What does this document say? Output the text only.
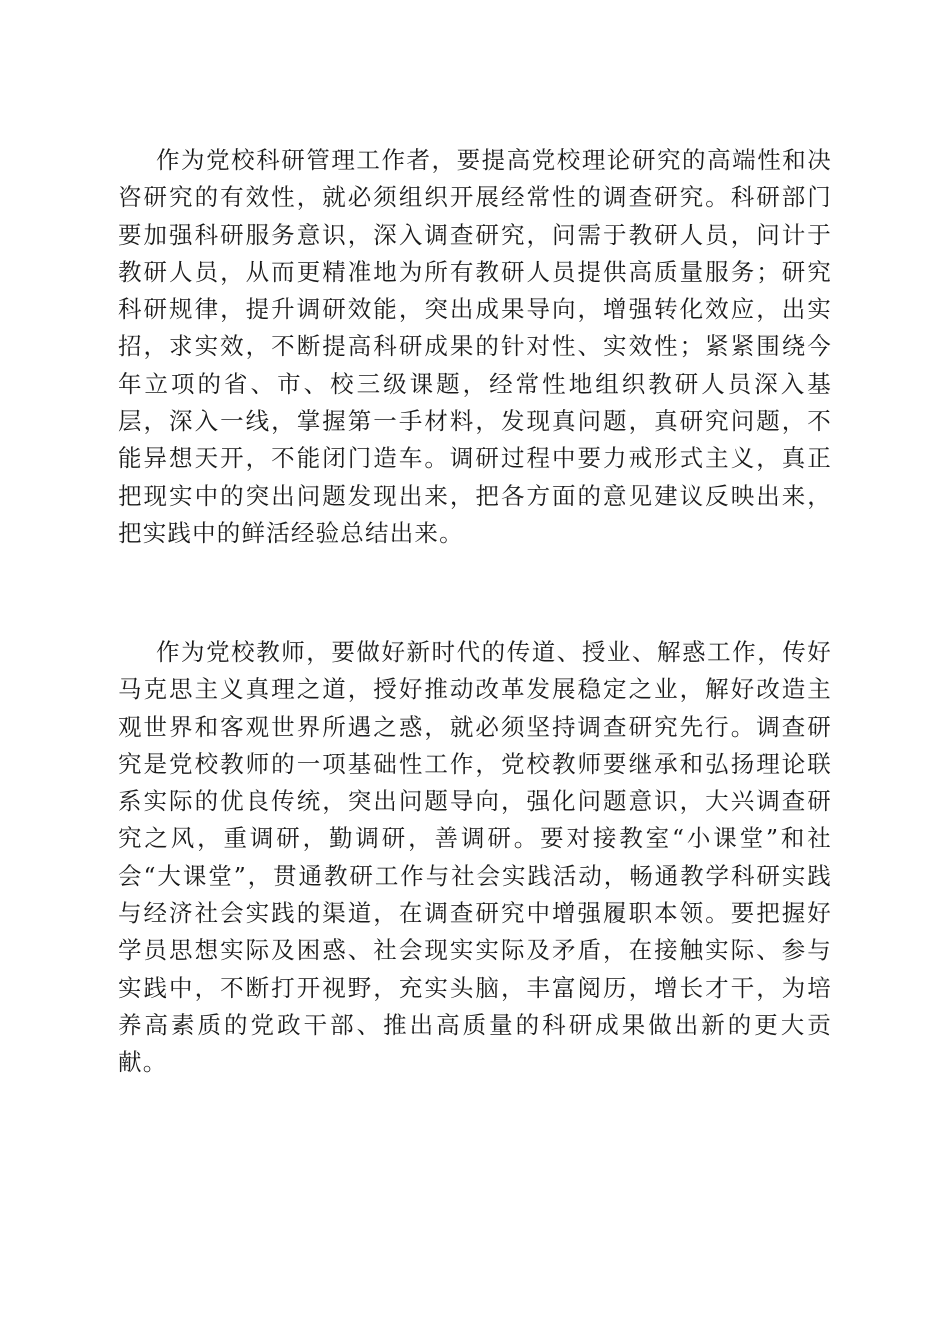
作为党校科研管理工作者，要提高党校理论研究的高端性和决咨研究的有效性，就必须组织开展经常性的调查研究。科研部门要加强科研服务意识，深入调查研究，问需于教研人员，问计于教研人员，从而更精准地为所有教研人员提供高质量服务；研究科研规律，提升调研效能，突出成果导向，增强转化效应，出实招，求实效，不断提高科研成果的针对性、实效性；紧紧围绕今年立项的省、市、校三级课题，经常性地组织教研人员深入基层，深入一线，掌握第一手材料，发现真问题，真研究问题，不能异想天开，不能闭门造车。调研过程中要力戒形式主义，真正把现实中的突出问题发现出来，把各方面的意见建议反映出来，把实践中的鲜活经验总结出来。

作为党校教师，要做好新时代的传道、授业、解惑工作，传好马克思主义真理之道，授好推动改革发展稳定之业，解好改造主观世界和客观世界所遇之惑，就必须坚持调查研究先行。调查研究是党校教师的一项基础性工作，党校教师要继承和弘扬理论联系实际的优良传统，突出问题导向，强化问题意识，大兴调查研究之风，重调研，勤调研，善调研。要对接教室“小课堂”和社会“大课堂”，贯通教研工作与社会实践活动，畅通教学科研实践与经济社会实践的渠道，在调查研究中增强履职本领。要把握好学员思想实际及困惑、社会现实实际及矛盾，在接触实际、参与实践中，不断打开视野，充实头脑，丰富阅历，增长才干，为培养高素质的党政干部、推出高质量的科研成果做出新的更大贡献。
